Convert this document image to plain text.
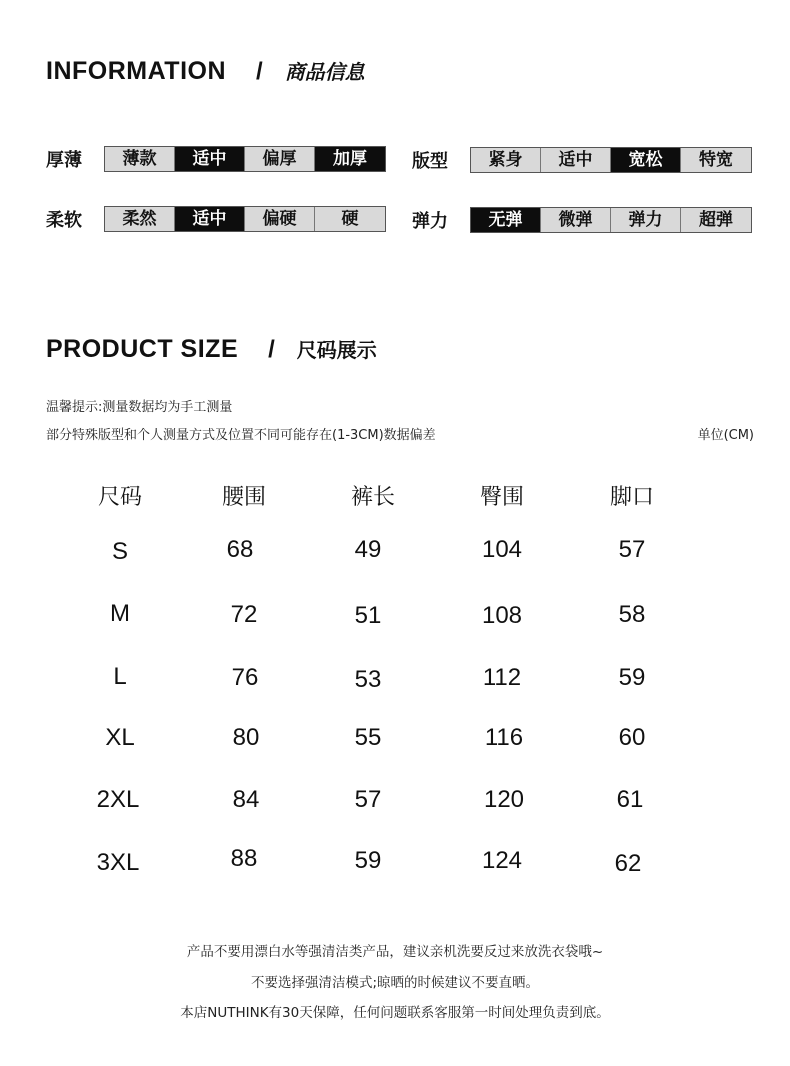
INFORMATION / 商品信息
厚薄	薄款	适中	偏厚	加厚	版型	紧身	适中	宽松	特宽
柔软	柔然	适中	偏硬	硬	弹力	无弹	微弹	弹力	超弹
PRODUCT SIZE / 尺码展示
温馨提示:测量数据均为手工测量
部分特殊版型和个人测量方式及位置不同可能存在(1-3CM)数据偏差	单位(CM)
尺码	腰围	裤长	臀围	脚口
S	68	49	104	57
M	72	51	108	58
L	76	53	112	59
XL	80	55	116	60
2XL	84	57	120	61
3XL	88	59	124	62
产品不要用漂白水等强清洁类产品，建议亲机洗要反过来放洗衣袋哦~
不要选择强清洁模式;晾晒的时候建议不要直晒。
本店NUTHINK有30天保障，任何问题联系客服第一时间处理负责到底。
